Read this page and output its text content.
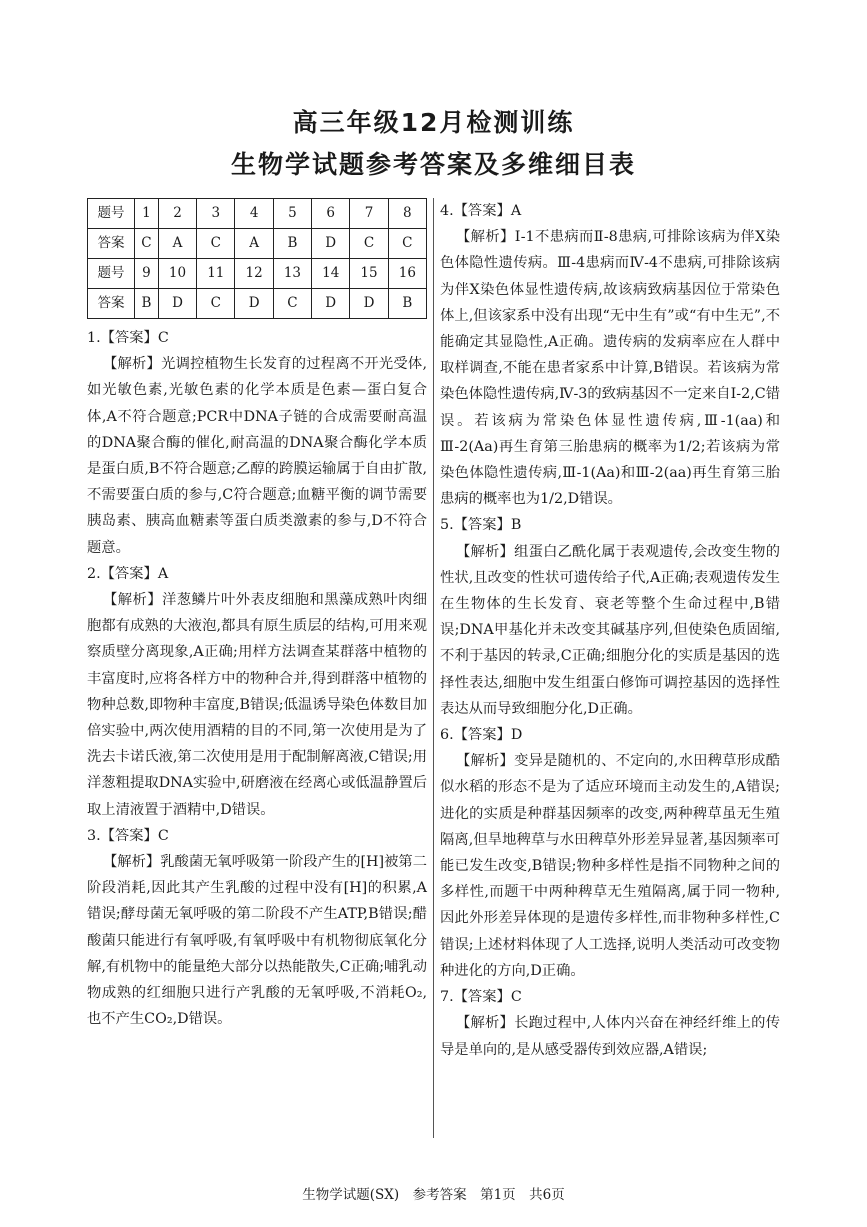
高三年级12月检测训练
生物学试题参考答案及多维细目表
题号	1	2	3	4	5	6	7	8
答案	C	A	C	A	B	D	C	C
题号	9	10	11	12	13	14	15	16
答案	B	D	C	D	C	D	D	B

1.【答案】C

【解析】光调控植物生长发育的过程离不开光受体,如光敏色素,光敏色素的化学本质是色素—蛋白复合体,A不符合题意;PCR中DNA子链的合成需要耐高温的DNA聚合酶的催化,耐高温的DNA聚合酶化学本质是蛋白质,B不符合题意;乙醇的跨膜运输属于自由扩散,不需要蛋白质的参与,C符合题意;血糖平衡的调节需要胰岛素、胰高血糖素等蛋白质类激素的参与,D不符合题意。

2.【答案】A

【解析】洋葱鳞片叶外表皮细胞和黑藻成熟叶肉细胞都有成熟的大液泡,都具有原生质层的结构,可用来观察质壁分离现象,A正确;用样方法调查某群落中植物的丰富度时,应将各样方中的物种合并,得到群落中植物的物种总数,即物种丰富度,B错误;低温诱导染色体数目加倍实验中,两次使用酒精的目的不同,第一次使用是为了洗去卡诺氏液,第二次使用是用于配制解离液,C错误;用洋葱粗提取DNA实验中,研磨液在经离心或低温静置后取上清液置于酒精中,D错误。

3.【答案】C

【解析】乳酸菌无氧呼吸第一阶段产生的[H]被第二阶段消耗,因此其产生乳酸的过程中没有[H]的积累,A错误;酵母菌无氧呼吸的第二阶段不产生ATP,B错误;醋酸菌只能进行有氧呼吸,有氧呼吸中有机物彻底氧化分解,有机物中的能量绝大部分以热能散失,C正确;哺乳动物成熟的红细胞只进行产乳酸的无氧呼吸,不消耗O₂,也不产生CO₂,D错误。

4.【答案】A

【解析】Ⅰ-1不患病而Ⅱ-8患病,可排除该病为伴X染色体隐性遗传病。Ⅲ-4患病而Ⅳ-4不患病,可排除该病为伴X染色体显性遗传病,故该病致病基因位于常染色体上,但该家系中没有出现“无中生有”或“有中生无”,不能确定其显隐性,A正确。遗传病的发病率应在人群中取样调查,不能在患者家系中计算,B错误。若该病为常染色体隐性遗传病,Ⅳ-3的致病基因不一定来自Ⅰ-2,C错误。若该病为常染色体显性遗传病,Ⅲ-1(aa)和Ⅲ-2(Aa)再生育第三胎患病的概率为1/2;若该病为常染色体隐性遗传病,Ⅲ-1(Aa)和Ⅲ-2(aa)再生育第三胎患病的概率也为1/2,D错误。

5.【答案】B

【解析】组蛋白乙酰化属于表观遗传,会改变生物的性状,且改变的性状可遗传给子代,A正确;表观遗传发生在生物体的生长发育、衰老等整个生命过程中,B错误;DNA甲基化并未改变其碱基序列,但使染色质固缩,不利于基因的转录,C正确;细胞分化的实质是基因的选择性表达,细胞中发生组蛋白修饰可调控基因的选择性表达从而导致细胞分化,D正确。

6.【答案】D

【解析】变异是随机的、不定向的,水田稗草形成酷似水稻的形态不是为了适应环境而主动发生的,A错误;进化的实质是种群基因频率的改变,两种稗草虽无生殖隔离,但旱地稗草与水田稗草外形差异显著,基因频率可能已发生改变,B错误;物种多样性是指不同物种之间的多样性,而题干中两种稗草无生殖隔离,属于同一物种,因此外形差异体现的是遗传多样性,而非物种多样性,C错误;上述材料体现了人工选择,说明人类活动可改变物种进化的方向,D正确。

7.【答案】C

【解析】长跑过程中,人体内兴奋在神经纤维上的传导是单向的,是从感受器传到效应器,A错误;

生物学试题(SX)　参考答案　第1页　共6页
